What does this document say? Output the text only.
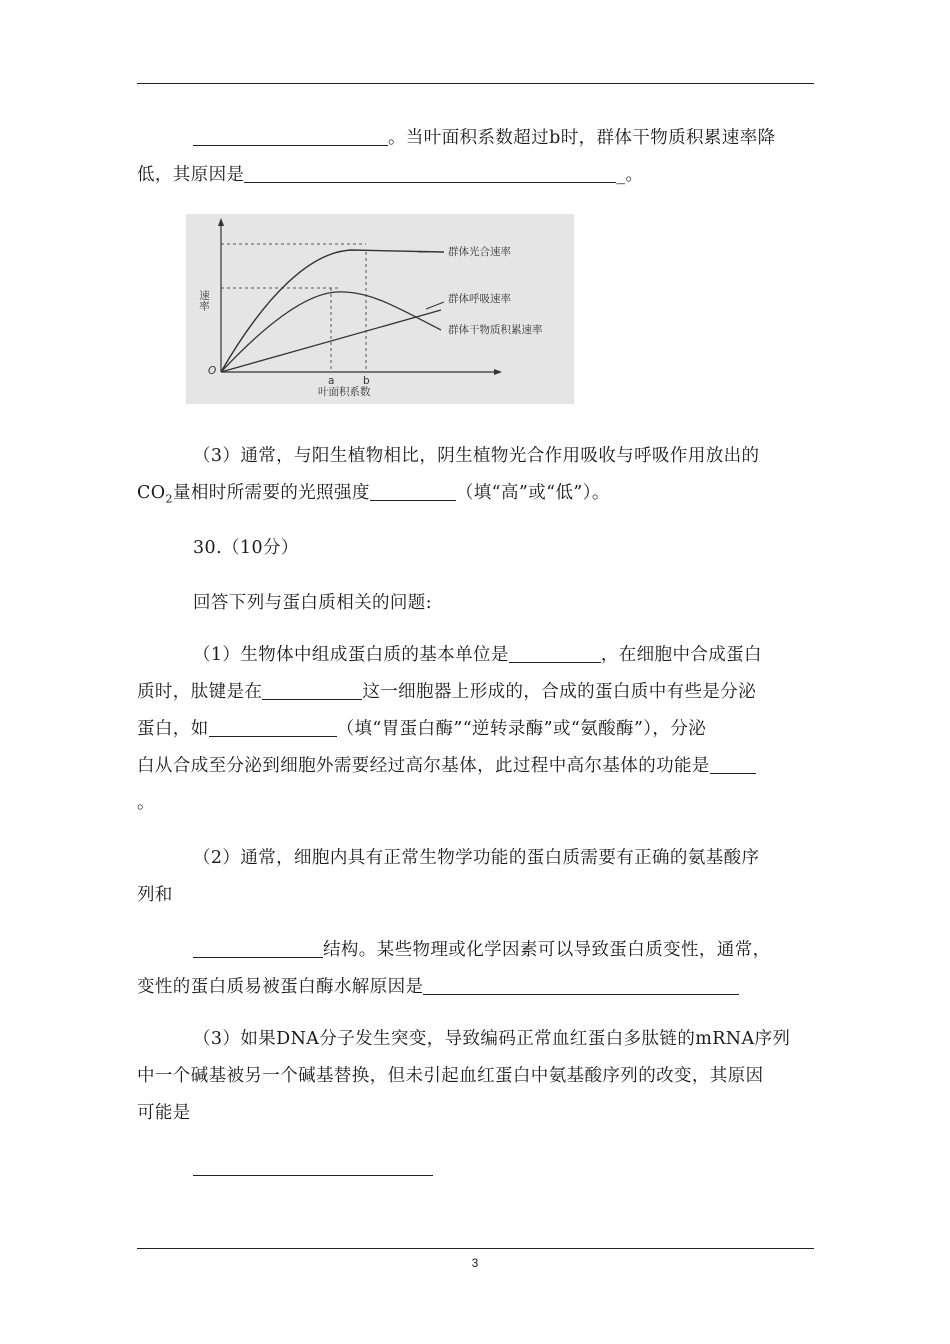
。当叶面积系数超过b时，群体干物质积累速率降
低，其原因是	_。
群体光合速率
群体呼吸速率
群体干物质积累速率
速率
O
a	b
叶面积系数
（3）通常，与阳生植物相比，阴生植物光合作用吸收与呼吸作用放出的
$CO_2$量相时所需要的光照强度	（填“高”或“低”）。
30.（10分）
回答下列与蛋白质相关的问题:
（1）生物体中组成蛋白质的基本单位是	，在细胞中合成蛋白
质时，肽键是在	这一细胞器上形成的，合成的蛋白质中有些是分泌
蛋白，如	（填“胃蛋白酶”“逆转录酶”或“氨酸酶”），分泌
白从合成至分泌到细胞外需要经过高尔基体，此过程中高尔基体的功能是
。
（2）通常，细胞内具有正常生物学功能的蛋白质需要有正确的氨基酸序
列和
结构。某些物理或化学因素可以导致蛋白质变性，通常，
变性的蛋白质易被蛋白酶水解原因是
（3）如果DNA分子发生突变，导致编码正常血红蛋白多肽链的mRNA序列
中一个碱基被另一个碱基替换，但未引起血红蛋白中氨基酸序列的改变，其原因
可能是
3
